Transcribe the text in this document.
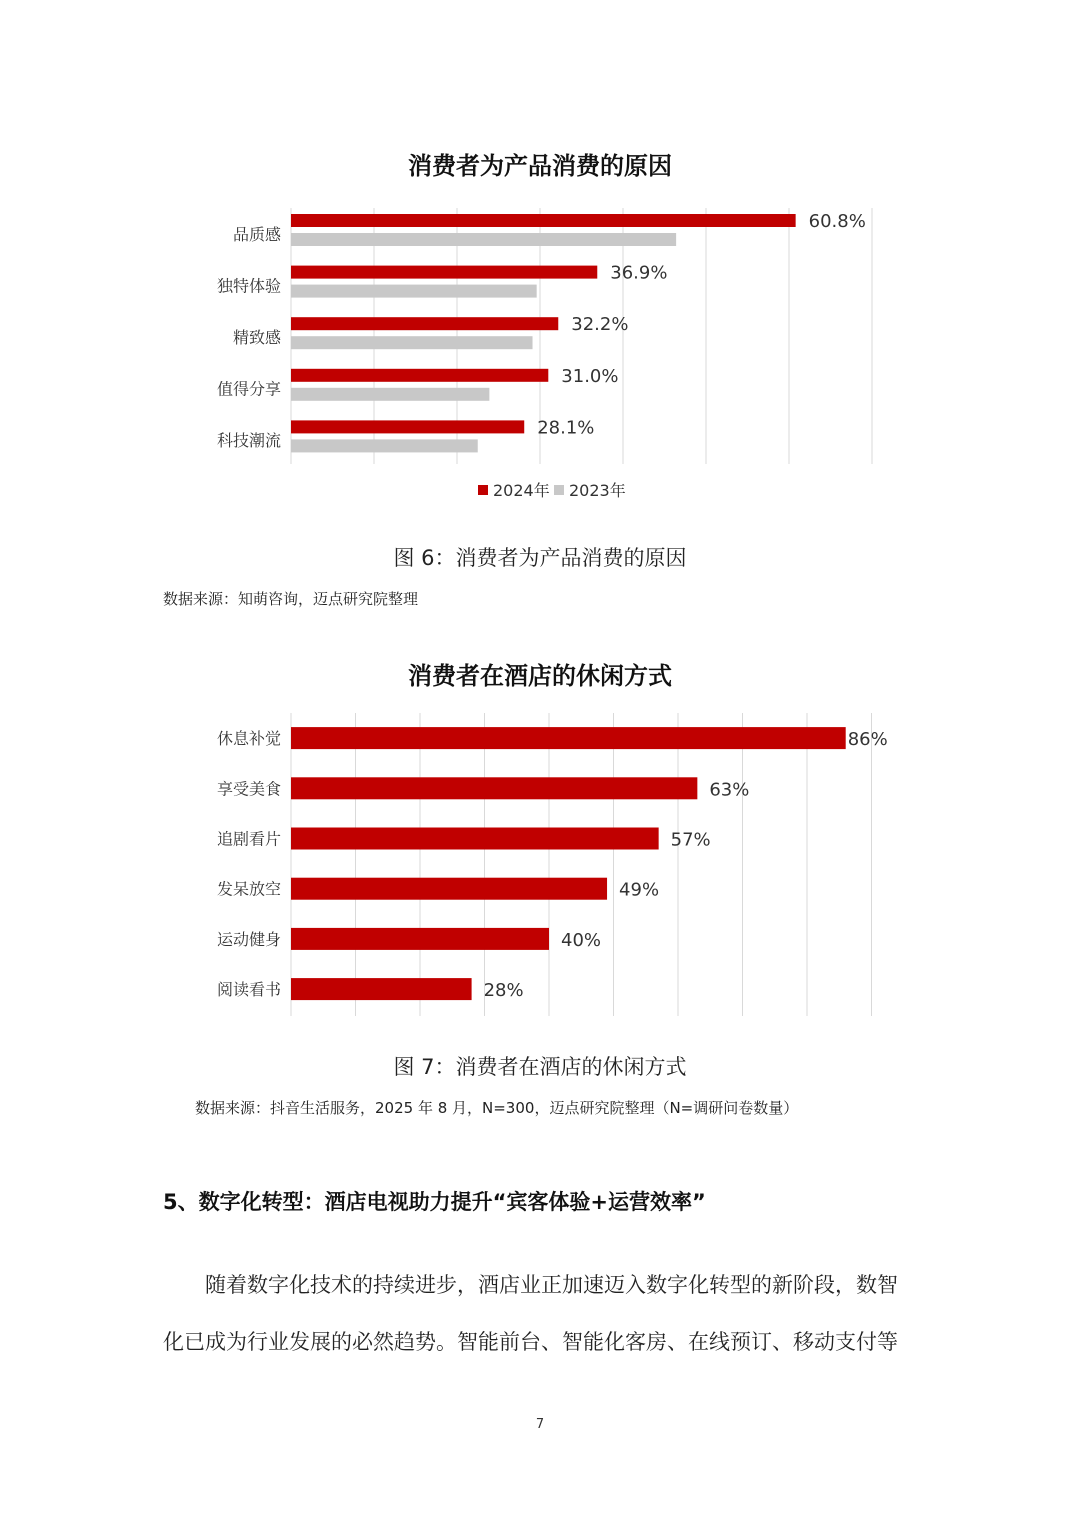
消费者为产品消费的原因
品质感
60.8%
独特体验
36.9%
精致感
32.2%
值得分享
31.0%
科技潮流
28.1%
2024年 2023年
图 6：消费者为产品消费的原因
数据来源：知萌咨询，迈点研究院整理
消费者在酒店的休闲方式
休息补觉	86%
享受美食	63%
追剧看片	57%
发呆放空	49%
运动健身	40%
阅读看书	28%
图 7：消费者在酒店的休闲方式
数据来源：抖音生活服务，2025 年 8 月，N=300，迈点研究院整理（N=调研问卷数量）
5、数字化转型：酒店电视助力提升“宾客体验+运营效率”
随着数字化技术的持续进步，酒店业正加速迈入数字化转型的新阶段，数智
化已成为行业发展的必然趋势。智能前台、智能化客房、在线预订、移动支付等
7
